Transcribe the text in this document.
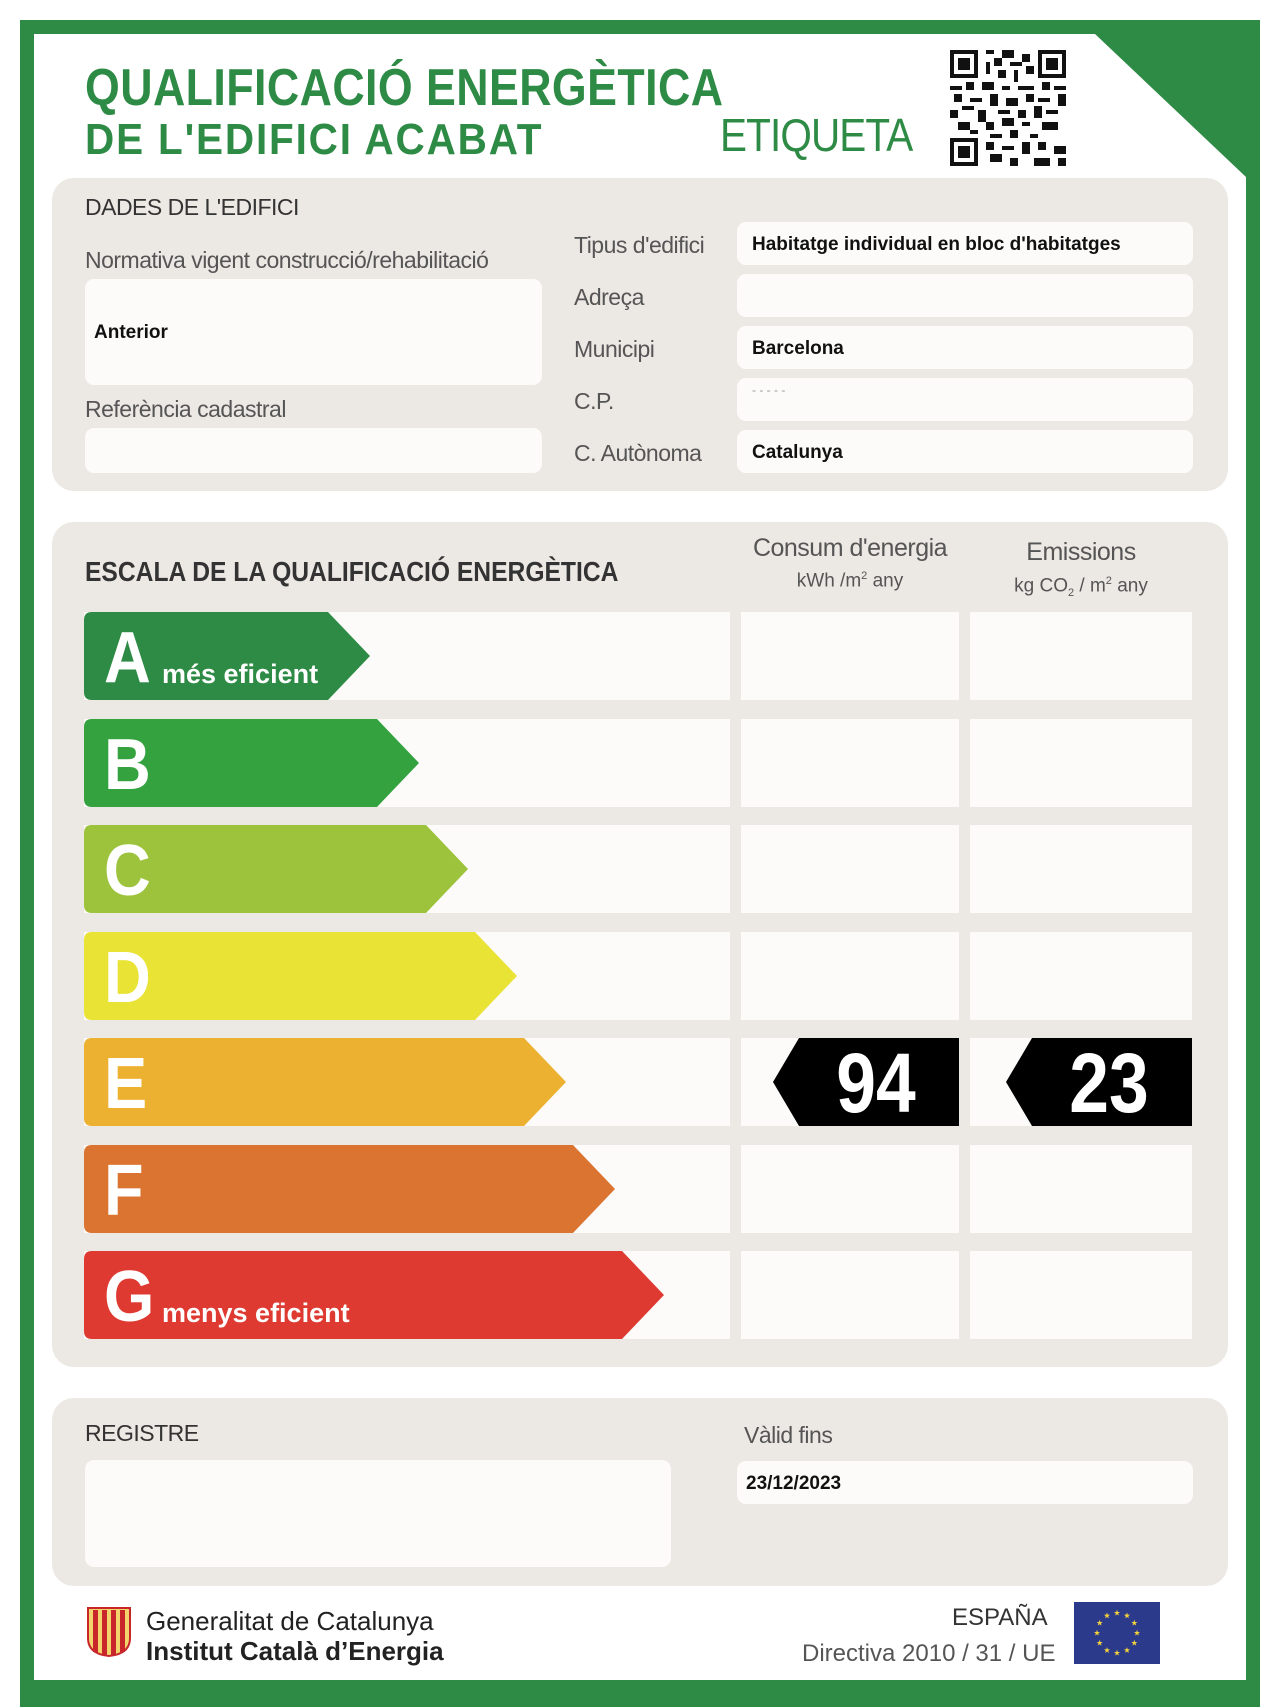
QUALIFICACIÓ ENERGÈTICA
DE L'EDIFICI ACABAT	ETIQUETA
DADES DE L'EDIFICI
Normativa vigent construcció/rehabilitació
Anterior
Referència cadastral
Tipus d'edifici	Habitatge individual en bloc d'habitatges
Adreça
Municipi	Barcelona
C.P.	- - - - -
C. Autònoma	Catalunya
ESCALA DE LA QUALIFICACIÓ ENERGÈTICA
Consum d'energia
kWh $/m^2$ any
Emissions
kg $CO_2 / m^2$ any
A més eficient
B
C
D
E	94	23
F
G menys eficient
REGISTRE	Vàlid fins
23/12/2023
Generalitat de Catalunya
Institut Català d’Energia
ESPAÑA
Directiva 2010 / 31 / UE
